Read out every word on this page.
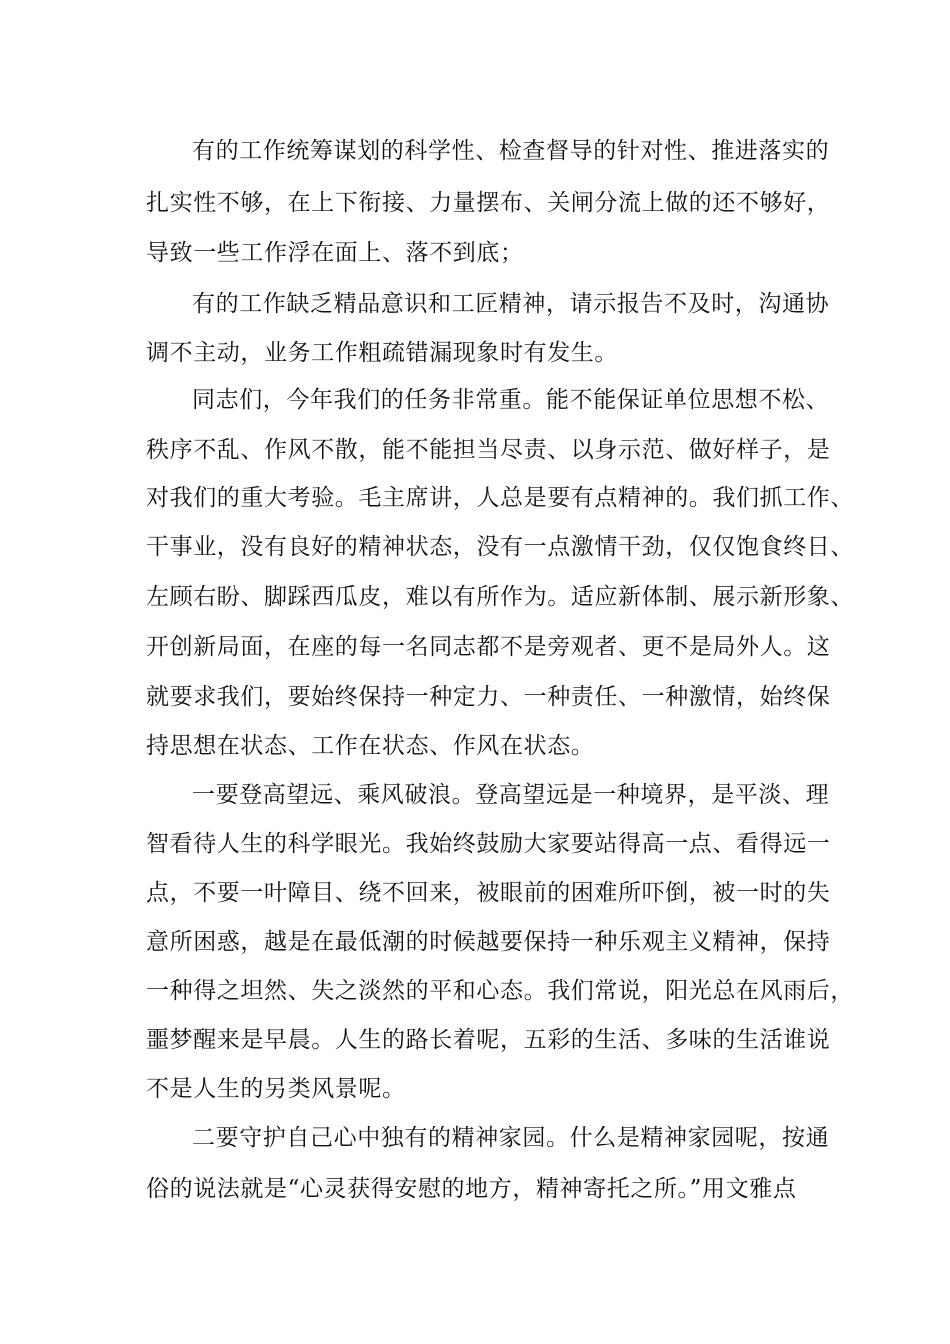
有的工作统筹谋划的科学性、检查督导的针对性、推进落实的
扎实性不够，在上下衔接、力量摆布、关闸分流上做的还不够好，
导致一些工作浮在面上、落不到底；
有的工作缺乏精品意识和工匠精神，请示报告不及时，沟通协
调不主动，业务工作粗疏错漏现象时有发生。
同志们，今年我们的任务非常重。能不能保证单位思想不松、
秩序不乱、作风不散，能不能担当尽责、以身示范、做好样子，是
对我们的重大考验。毛主席讲，人总是要有点精神的。我们抓工作、
干事业，没有良好的精神状态，没有一点激情干劲，仅仅饱食终日、
左顾右盼、脚踩西瓜皮，难以有所作为。适应新体制、展示新形象、
开创新局面，在座的每一名同志都不是旁观者、更不是局外人。这
就要求我们，要始终保持一种定力、一种责任、一种激情，始终保
持思想在状态、工作在状态、作风在状态。
一要登高望远、乘风破浪。登高望远是一种境界，是平淡、理
智看待人生的科学眼光。我始终鼓励大家要站得高一点、看得远一
点，不要一叶障目、绕不回来，被眼前的困难所吓倒，被一时的失
意所困惑，越是在最低潮的时候越要保持一种乐观主义精神，保持
一种得之坦然、失之淡然的平和心态。我们常说，阳光总在风雨后，
噩梦醒来是早晨。人生的路长着呢，五彩的生活、多味的生活谁说
不是人生的另类风景呢。
二要守护自己心中独有的精神家园。什么是精神家园呢，按通
俗的说法就是“心灵获得安慰的地方，精神寄托之所。”用文雅点
